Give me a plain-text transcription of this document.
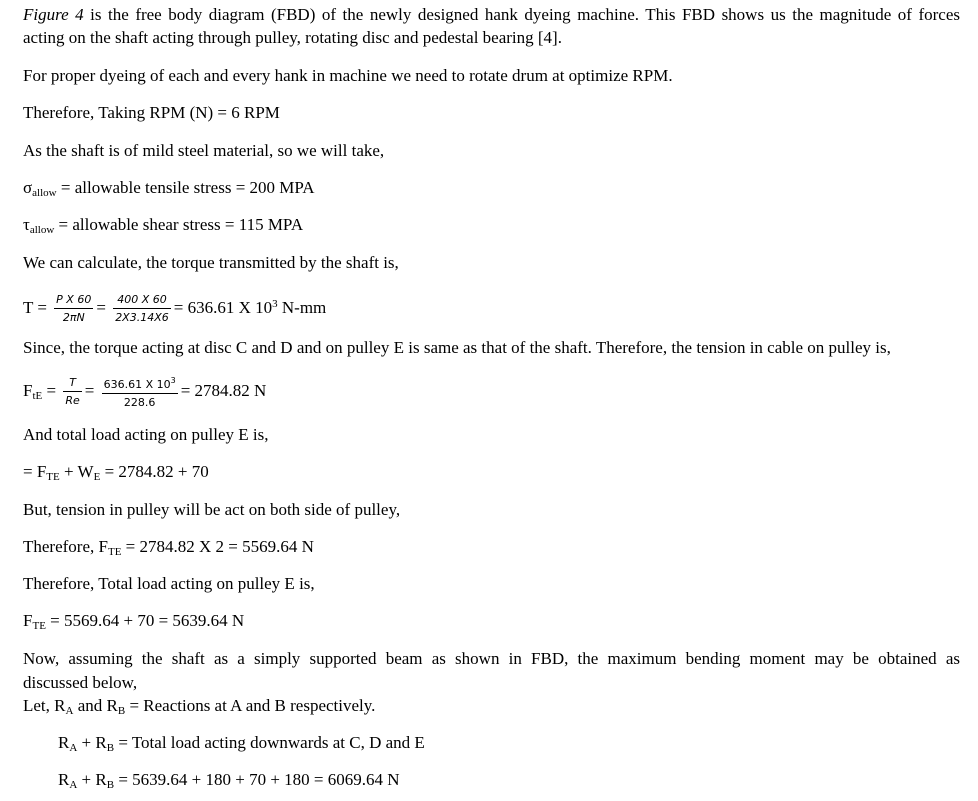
Figure 4 is the free body diagram (FBD) of the newly designed hank dyeing machine. This FBD shows us the magnitude of forces
acting on the shaft acting through pulley, rotating disc and pedestal bearing [4].
For proper dyeing of each and every hank in machine we need to rotate drum at optimize RPM.
Therefore, Taking RPM (N) = 6 RPM
As the shaft is of mild steel material, so we will take,
$\sigma_{allow}$ = allowable tensile stress = 200 MPA
$\tau_{allow}$ = allowable shear stress = 115 MPA
We can calculate, the torque transmitted by the shaft is,
$T = \frac{\text{P X 60}}{2\pi N} = \frac{400 X 60}{2X3.14X6} = 636.61$ X $10^3$ N-mm
Since, the torque acting at disc C and D and on pulley E is same as that of the shaft. Therefore, the tension in cable on pulley is,
$F_{tE} = \frac{T}{Re} = \frac{636.61 X 10^3}{228.6} = 2784.82$ N
And total load acting on pulley E is,
= $F_{TE} + W_E = 2784.82 + 70$
But, tension in pulley will be act on both side of pulley,
Therefore, $F_{TE} = 2784.82$ X 2 = 5569.64 N
Therefore, Total load acting on pulley E is,
$F_{TE} = 5569.64 + 70 = 5639.64$ N
Now, assuming the shaft as a simply supported beam as shown in FBD, the maximum bending moment may be obtained as
discussed below,
Let, $R_A$ and $R_B$ = Reactions at A and B respectively.
$R_A + R_B$ = Total load acting downwards at C, D and E
$R_A + R_B = 5639.64 + 180 + 70 + 180 = 6069.64$ N
